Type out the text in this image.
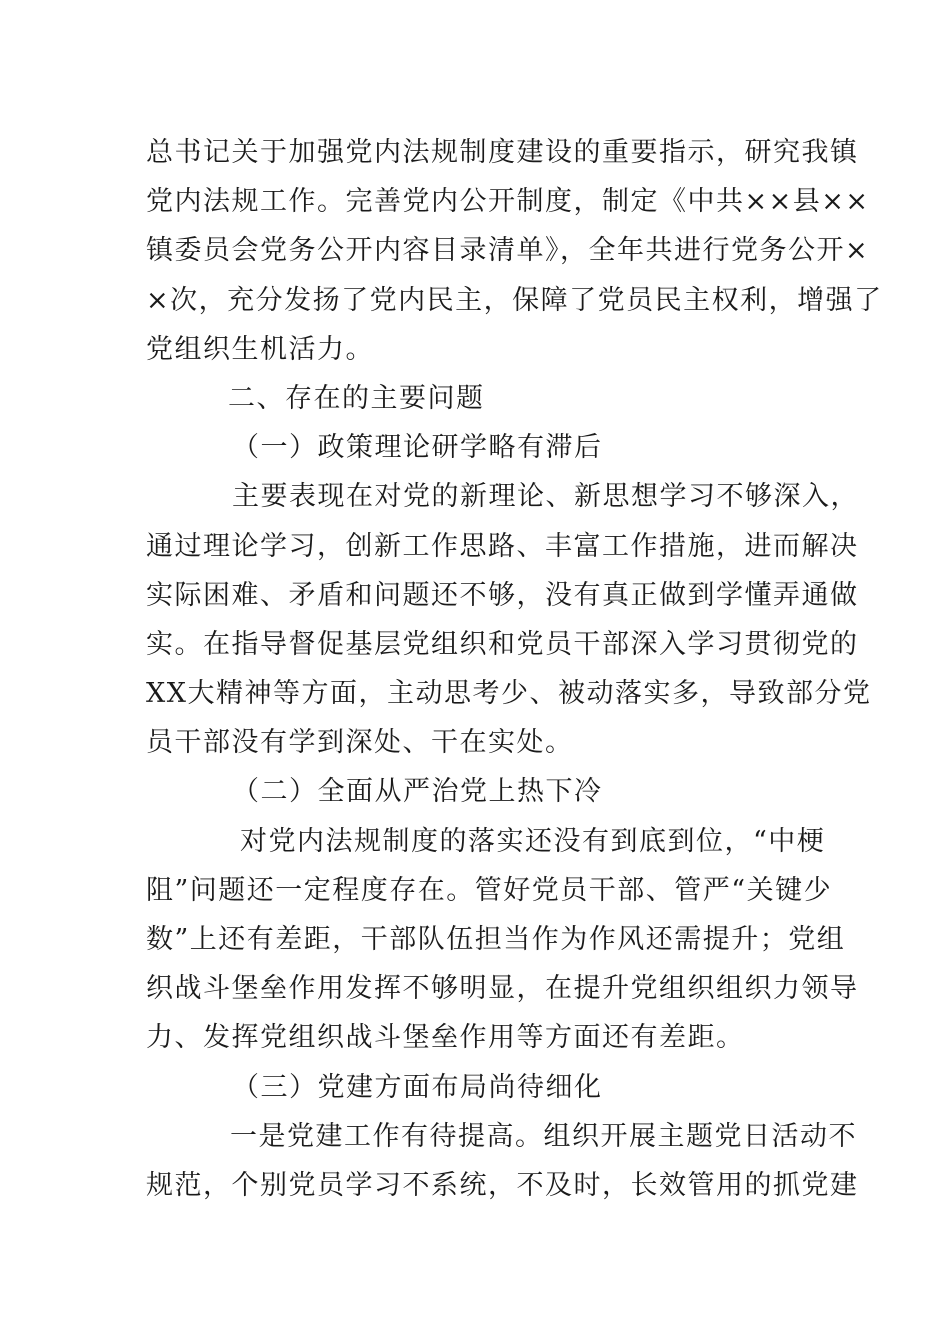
总书记关于加强党内法规制度建设的重要指示，研究我镇
党内法规工作。完善党内公开制度，制定《中共××县××
镇委员会党务公开内容目录清单》，全年共进行党务公开×
×次，充分发扬了党内民主，保障了党员民主权利，增强了
党组织生机活力。
二、存在的主要问题
（一）政策理论研学略有滞后
主要表现在对党的新理论、新思想学习不够深入，
通过理论学习，创新工作思路、丰富工作措施，进而解决
实际困难、矛盾和问题还不够，没有真正做到学懂弄通做
实。在指导督促基层党组织和党员干部深入学习贯彻党的
XX大精神等方面，主动思考少、被动落实多，导致部分党
员干部没有学到深处、干在实处。
（二）全面从严治党上热下冷
对党内法规制度的落实还没有到底到位，“中梗
阻”问题还一定程度存在。管好党员干部、管严“关键少
数”上还有差距，干部队伍担当作为作风还需提升；党组
织战斗堡垒作用发挥不够明显，在提升党组织组织力领导
力、发挥党组织战斗堡垒作用等方面还有差距。
（三）党建方面布局尚待细化
一是党建工作有待提高。组织开展主题党日活动不
规范，个别党员学习不系统，不及时，长效管用的抓党建
